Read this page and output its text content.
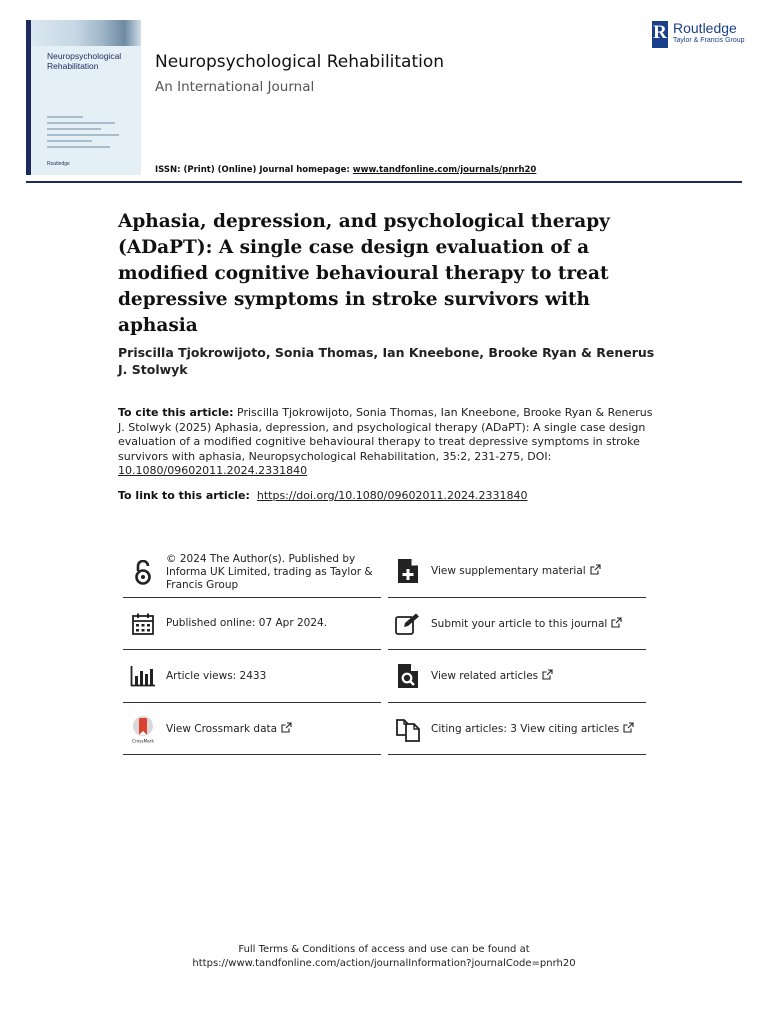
Neuropsychological
Rehabilitation
Routledge
Neuropsychological Rehabilitation
An International Journal
ISSN: (Print) (Online) Journal homepage: www.tandfonline.com/journals/pnrh20
R Routledge
Taylor & Francis Group
Aphasia, depression, and psychological therapy (ADaPT): A single case design evaluation of a modified cognitive behavioural therapy to treat depressive symptoms in stroke survivors with aphasia

Priscilla Tjokrowijoto, Sonia Thomas, Ian Kneebone, Brooke Ryan & Renerus J. Stolwyk

To cite this article: Priscilla Tjokrowijoto, Sonia Thomas, Ian Kneebone, Brooke Ryan & Renerus J. Stolwyk (2025) Aphasia, depression, and psychological therapy (ADaPT): A single case design evaluation of a modified cognitive behavioural therapy to treat depressive symptoms in stroke survivors with aphasia, Neuropsychological Rehabilitation, 35:2, 231-275, DOI: 10.1080/09602011.2024.2331840
To link to this article: https://doi.org/10.1080/09602011.2024.2331840
© 2024 The Author(s). Published by Informa UK Limited, trading as Taylor & Francis Group
Published online: 07 Apr 2024.
Article views: 2433
CrossMark
View Crossmark data
View supplementary material
Submit your article to this journal
View related articles
Citing articles: 3 View citing articles
Full Terms & Conditions of access and use can be found at
https://www.tandfonline.com/action/journalInformation?journalCode=pnrh20
